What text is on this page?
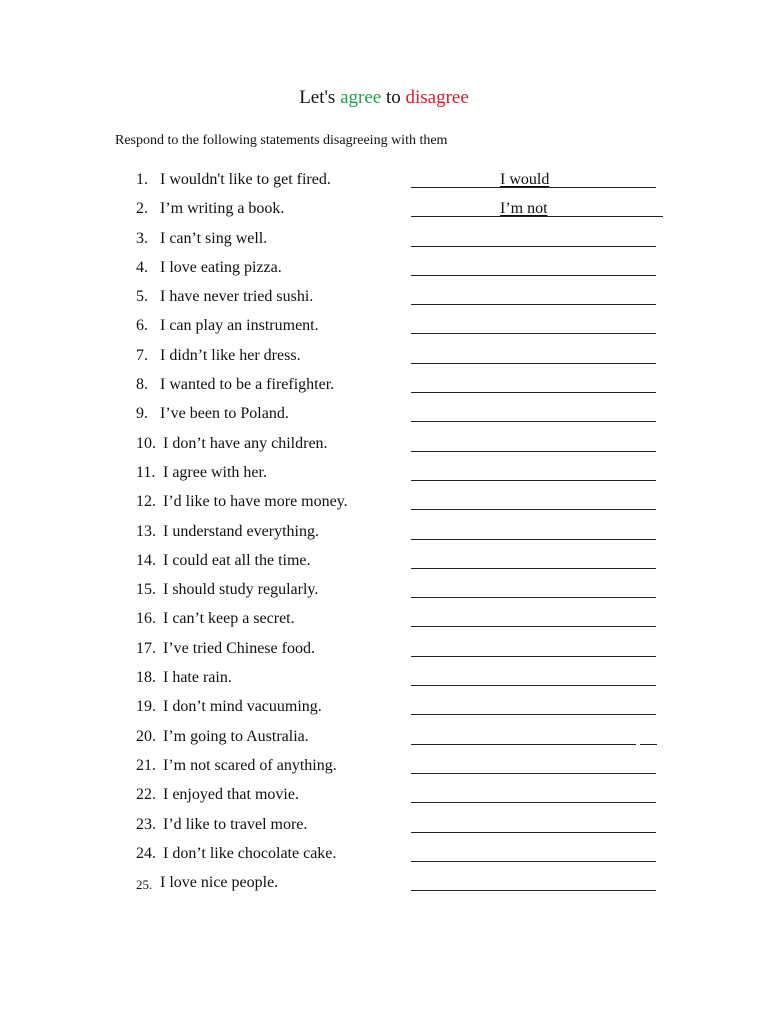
Let's agree to disagree
Respond to the following statements disagreeing with them
1. I wouldn't like to get fired.	I would
2. I’m writing a book.	I’m not
3. I can’t sing well.
4. I love eating pizza.
5. I have never tried sushi.
6. I can play an instrument.
7. I didn’t like her dress.
8. I wanted to be a firefighter.
9. I’ve been to Poland.
10. I don’t have any children.
11. I agree with her.
12. I’d like to have more money.
13. I understand everything.
14. I could eat all the time.
15. I should study regularly.
16. I can’t keep a secret.
17. I’ve tried Chinese food.
18. I hate rain.
19. I don’t mind vacuuming.
20. I’m going to Australia.
21. I’m not scared of anything.
22. I enjoyed that movie.
23. I’d like to travel more.
24. I don’t like chocolate cake.
25. I love nice people.
